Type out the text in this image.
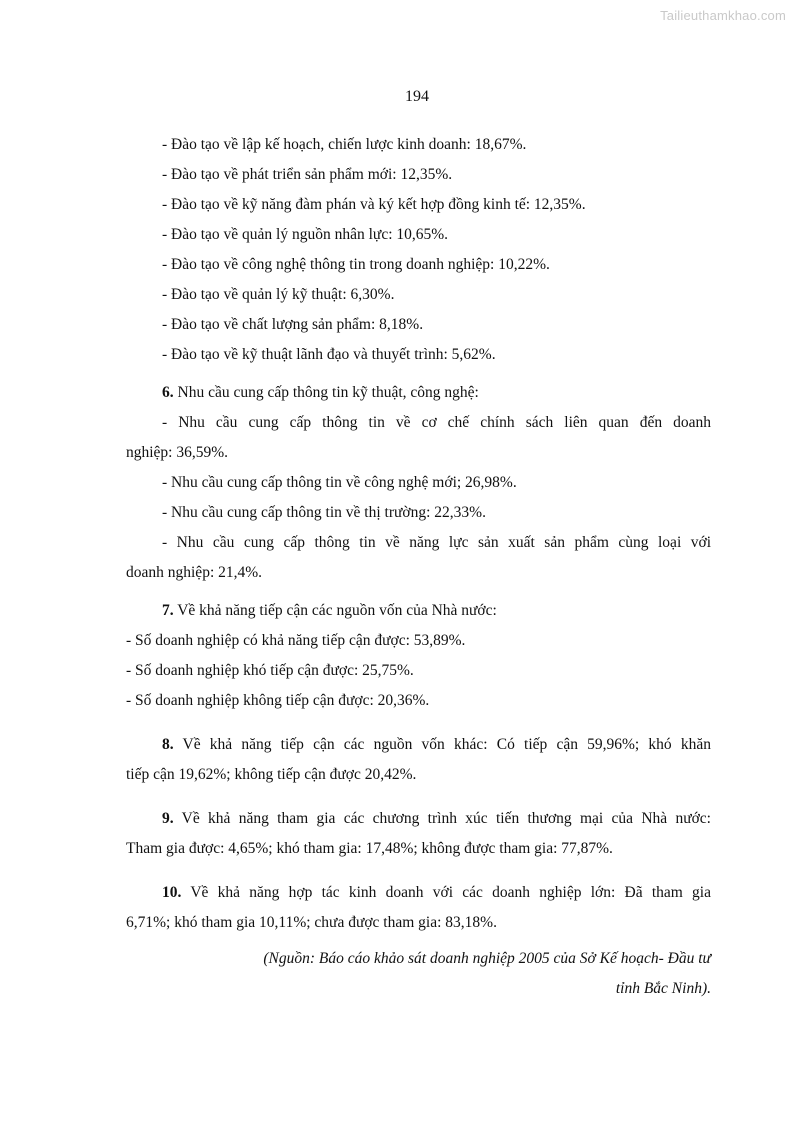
Tailieuthamkhao.com
194

- Đào tạo về lập kế hoạch, chiến lược kinh doanh: 18,67%.

- Đào tạo về phát triển sản phẩm mới: 12,35%.

- Đào tạo về kỹ năng đàm phán và ký kết hợp đồng kinh tế: 12,35%.

- Đào tạo về quản lý nguồn nhân lực: 10,65%.

- Đào tạo về công nghệ thông tin trong doanh nghiệp: 10,22%.

- Đào tạo về quản lý kỹ thuật: 6,30%.

- Đào tạo về chất lượng sản phẩm: 8,18%.

- Đào tạo về kỹ thuật lãnh đạo và thuyết trình: 5,62%.

6. Nhu cầu cung cấp thông tin kỹ thuật, công nghệ:

- Nhu cầu cung cấp thông tin về cơ chế chính sách liên quan đến doanh

nghiệp: 36,59%.

- Nhu cầu cung cấp thông tin về công nghệ mới; 26,98%.

- Nhu cầu cung cấp thông tin về thị trường: 22,33%.

- Nhu cầu cung cấp thông tin về năng lực sản xuất sản phẩm cùng loại với

doanh nghiệp: 21,4%.

7. Về khả năng tiếp cận các nguồn vốn của Nhà nước:

- Số doanh nghiệp có khả năng tiếp cận được: 53,89%.

- Số doanh nghiệp khó tiếp cận được: 25,75%.

- Số doanh nghiệp không tiếp cận được: 20,36%.

8. Về khả năng tiếp cận các nguồn vốn khác: Có tiếp cận 59,96%; khó khăn

tiếp cận 19,62%; không tiếp cận được 20,42%.

9. Về khả năng tham gia các chương trình xúc tiến thương mại của Nhà nước:

Tham gia được: 4,65%; khó tham gia: 17,48%; không được tham gia: 77,87%.

10. Về khả năng hợp tác kinh doanh với các doanh nghiệp lớn: Đã tham gia

6,71%; khó tham gia 10,11%; chưa được tham gia: 83,18%.

(Nguồn: Báo cáo khảo sát doanh nghiệp 2005 của Sở Kế hoạch- Đầu tư

tỉnh Bắc Ninh).
